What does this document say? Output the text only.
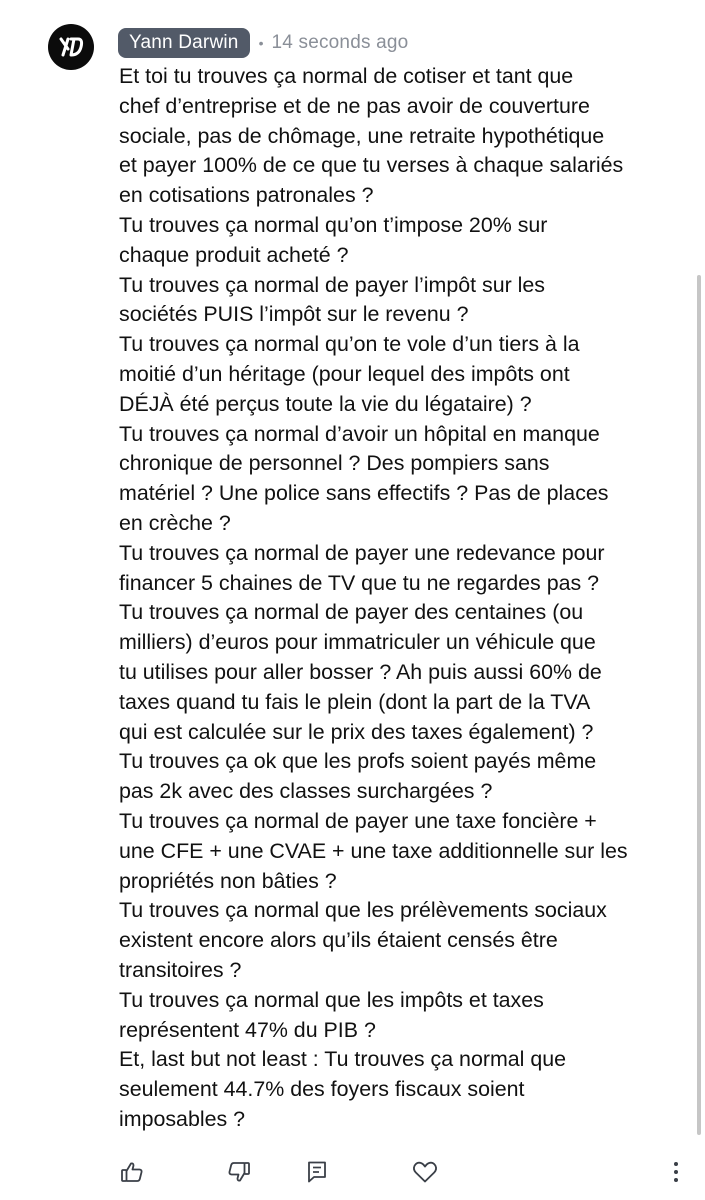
Yann Darwin	• 14 seconds ago
Et toi tu trouves ça normal de cotiser et tant que
chef d’entreprise et de ne pas avoir de couverture
sociale, pas de chômage, une retraite hypothétique
et payer 100% de ce que tu verses à chaque salariés
en cotisations patronales ?
Tu trouves ça normal qu’on t’impose 20% sur
chaque produit acheté ?
Tu trouves ça normal de payer l’impôt sur les
sociétés PUIS l’impôt sur le revenu ?
Tu trouves ça normal qu’on te vole d’un tiers à la
moitié d’un héritage (pour lequel des impôts ont
DÉJÀ été perçus toute la vie du légataire) ?
Tu trouves ça normal d’avoir un hôpital en manque
chronique de personnel ? Des pompiers sans
matériel ? Une police sans effectifs ? Pas de places
en crèche ?
Tu trouves ça normal de payer une redevance pour
financer 5 chaines de TV que tu ne regardes pas ?
Tu trouves ça normal de payer des centaines (ou
milliers) d’euros pour immatriculer un véhicule que
tu utilises pour aller bosser ? Ah puis aussi 60% de
taxes quand tu fais le plein (dont la part de la TVA
qui est calculée sur le prix des taxes également) ?
Tu trouves ça ok que les profs soient payés même
pas 2k avec des classes surchargées ?
Tu trouves ça normal de payer une taxe foncière +
une CFE + une CVAE + une taxe additionnelle sur les
propriétés non bâties ?
Tu trouves ça normal que les prélèvements sociaux
existent encore alors qu’ils étaient censés être
transitoires ?
Tu trouves ça normal que les impôts et taxes
représentent 47% du PIB ?
Et, last but not least : Tu trouves ça normal que
seulement 44.7% des foyers fiscaux soient
imposables ?
